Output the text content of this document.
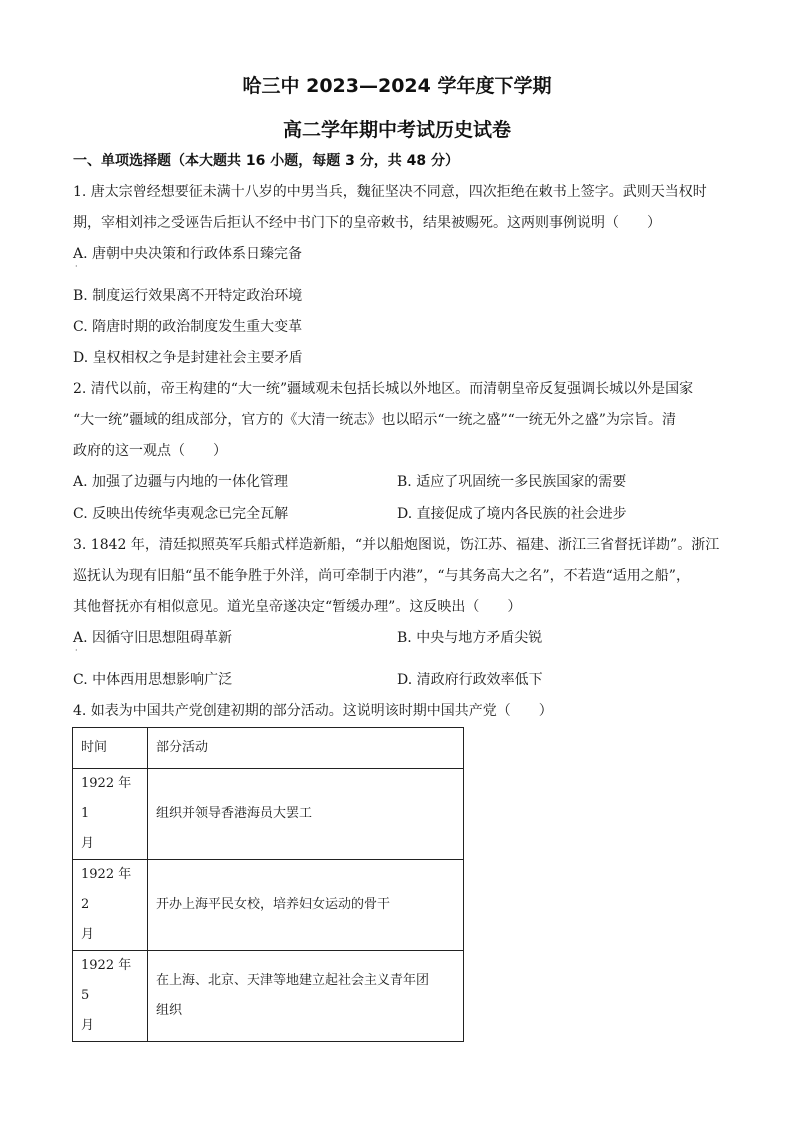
哈三中 2023—2024 学年度下学期
高二学年期中考试历史试卷
一、单项选择题（本大题共 16 小题，每题 3 分，共 48 分）
1. 唐太宗曾经想要征未满十八岁的中男当兵，魏征坚决不同意，四次拒绝在敕书上签字。武则天当权时
期，宰相刘祎之受诬告后拒认不经中书门下的皇帝敕书，结果被赐死。这两则事例说明（　　）
A. 唐朝中央决策和行政体系日臻完备
·
B. 制度运行效果离不开特定政治环境
C. 隋唐时期的政治制度发生重大变革
D. 皇权相权之争是封建社会主要矛盾
2. 清代以前，帝王构建的“大一统”疆域观未包括长城以外地区。而清朝皇帝反复强调长城以外是国家
“大一统”疆域的组成部分，官方的《大清一统志》也以昭示“一统之盛”“一统无外之盛”为宗旨。清
政府的这一观点（　　）
A. 加强了边疆与内地的一体化管理	B. 适应了巩固统一多民族国家的需要
C. 反映出传统华夷观念已完全瓦解	D. 直接促成了境内各民族的社会进步
3. 1842 年，清廷拟照英军兵船式样造新船，“并以船炮图说，饬江苏、福建、浙江三省督抚详勘”。浙江
巡抚认为现有旧船“虽不能争胜于外洋，尚可牵制于内港”，“与其务高大之名”，不若造“适用之船”，
其他督抚亦有相似意见。道光皇帝遂决定“暂缓办理”。这反映出（　　）
A. 因循守旧思想阻碍革新	B. 中央与地方矛盾尖锐
·
C. 中体西用思想影响广泛	D. 清政府行政效率低下
4. 如表为中国共产党创建初期的部分活动。这说明该时期中国共产党（　　）
时间	部分活动

1922 年 1
月	组织并领导香港海员大罢工

1922 年 2
月	开办上海平民女校，培养妇女运动的骨干

1922 年 5
月	在上海、北京、天津等地建立起社会主义青年团
组织
